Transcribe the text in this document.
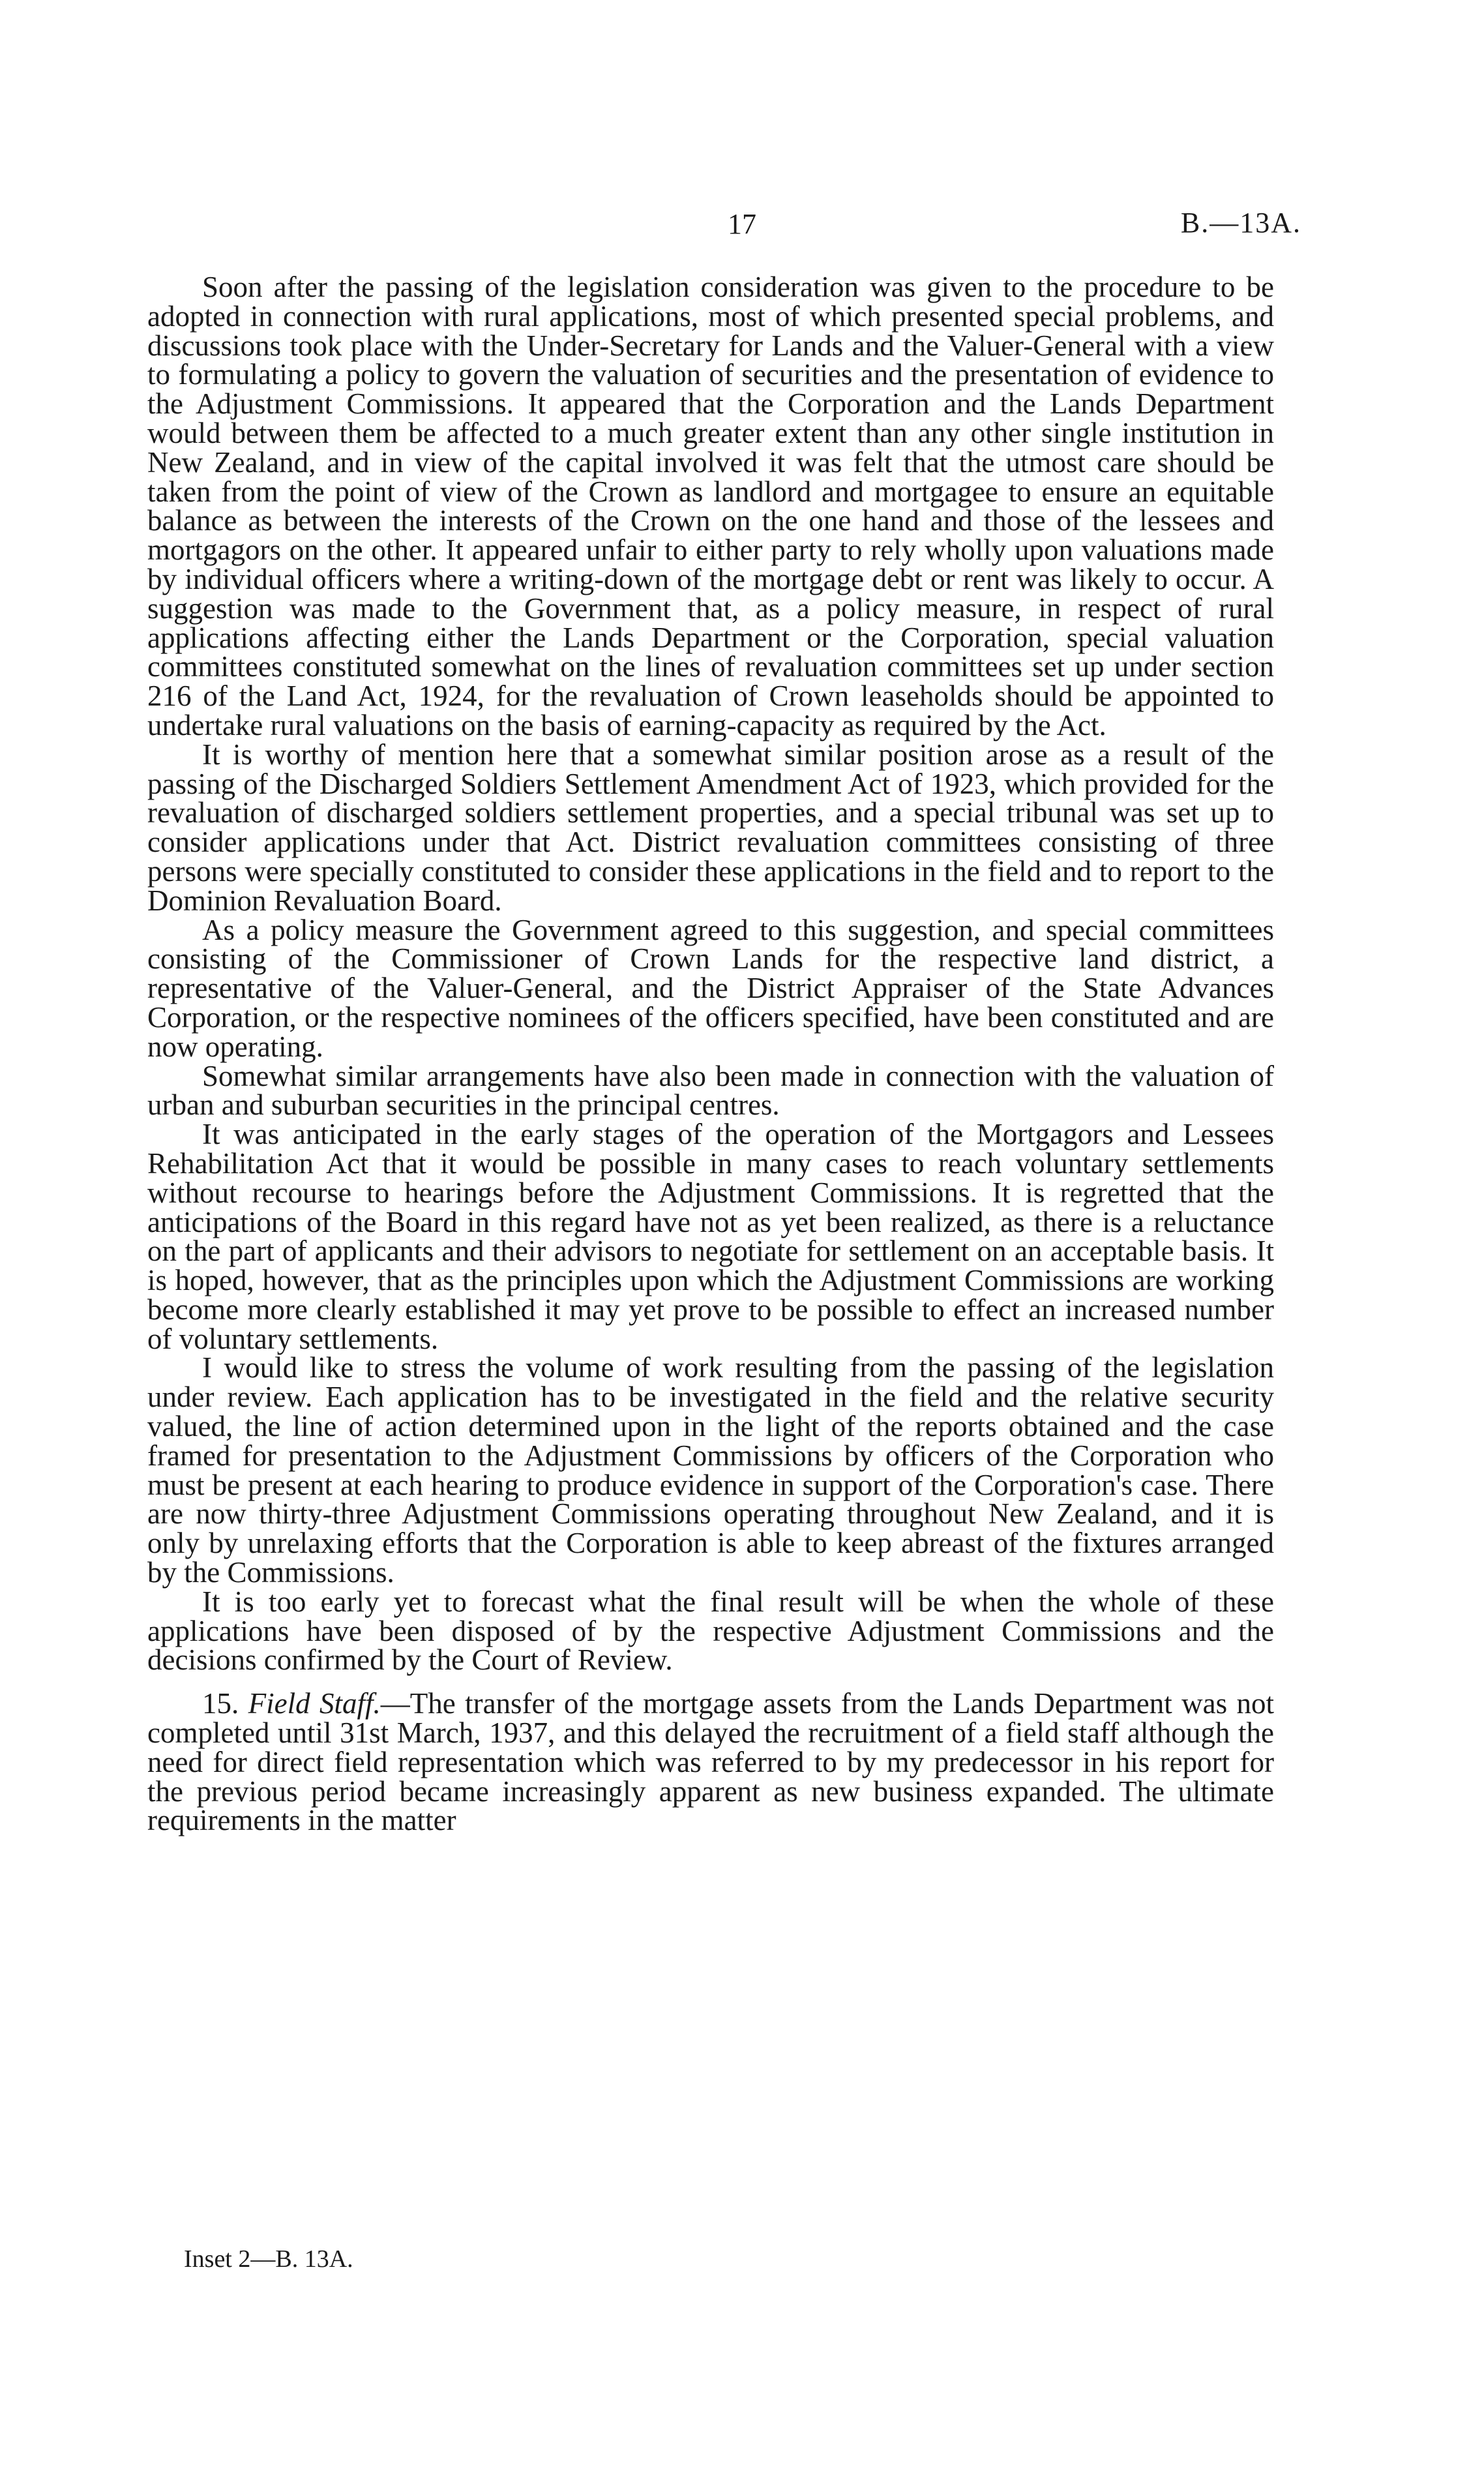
17	B.—13A.

Soon after the passing of the legislation consideration was given to the procedure to be adopted in connection with rural applications, most of which presented special problems, and discussions took place with the Under-Secretary for Lands and the Valuer-General with a view to formulating a policy to govern the valuation of securities and the presentation of evidence to the Adjustment Commissions. It appeared that the Corporation and the Lands Department would between them be affected to a much greater extent than any other single institution in New Zealand, and in view of the capital involved it was felt that the utmost care should be taken from the point of view of the Crown as landlord and mortgagee to ensure an equitable balance as between the interests of the Crown on the one hand and those of the lessees and mortgagors on the other. It appeared unfair to either party to rely wholly upon valuations made by individual officers where a writing-down of the mortgage debt or rent was likely to occur. A suggestion was made to the Government that, as a policy measure, in respect of rural applications affecting either the Lands Department or the Corporation, special valuation committees constituted somewhat on the lines of revaluation committees set up under section 216 of the Land Act, 1924, for the revaluation of Crown leaseholds should be appointed to undertake rural valuations on the basis of earning-capacity as required by the Act.

It is worthy of mention here that a somewhat similar position arose as a result of the passing of the Discharged Soldiers Settlement Amendment Act of 1923, which provided for the revaluation of discharged soldiers settlement properties, and a special tribunal was set up to consider applications under that Act. District revaluation committees consisting of three persons were specially constituted to consider these applications in the field and to report to the Dominion Revaluation Board.

As a policy measure the Government agreed to this suggestion, and special committees consisting of the Commissioner of Crown Lands for the respective land district, a representative of the Valuer-General, and the District Appraiser of the State Advances Corporation, or the respective nominees of the officers specified, have been constituted and are now operating.

Somewhat similar arrangements have also been made in connection with the valuation of urban and suburban securities in the principal centres.

It was anticipated in the early stages of the operation of the Mortgagors and Lessees Rehabilitation Act that it would be possible in many cases to reach voluntary settlements without recourse to hearings before the Adjustment Commissions. It is regretted that the anticipations of the Board in this regard have not as yet been realized, as there is a reluctance on the part of applicants and their advisors to negotiate for settlement on an acceptable basis. It is hoped, however, that as the principles upon which the Adjustment Commissions are working become more clearly established it may yet prove to be possible to effect an increased number of voluntary settlements.

I would like to stress the volume of work resulting from the passing of the legislation under review. Each application has to be investigated in the field and the relative security valued, the line of action determined upon in the light of the reports obtained and the case framed for presentation to the Adjustment Commissions by officers of the Corporation who must be present at each hearing to produce evidence in support of the Corporation's case. There are now thirty-three Adjustment Commissions operating throughout New Zealand, and it is only by unrelaxing efforts that the Corporation is able to keep abreast of the fixtures arranged by the Commissions.

It is too early yet to forecast what the final result will be when the whole of these applications have been disposed of by the respective Adjustment Commissions and the decisions confirmed by the Court of Review.

15. Field Staff.—The transfer of the mortgage assets from the Lands Department was not completed until 31st March, 1937, and this delayed the recruitment of a field staff although the need for direct field representation which was referred to by my predecessor in his report for the previous period became increasingly apparent as new business expanded. The ultimate requirements in the matter

Inset 2—B. 13A.
